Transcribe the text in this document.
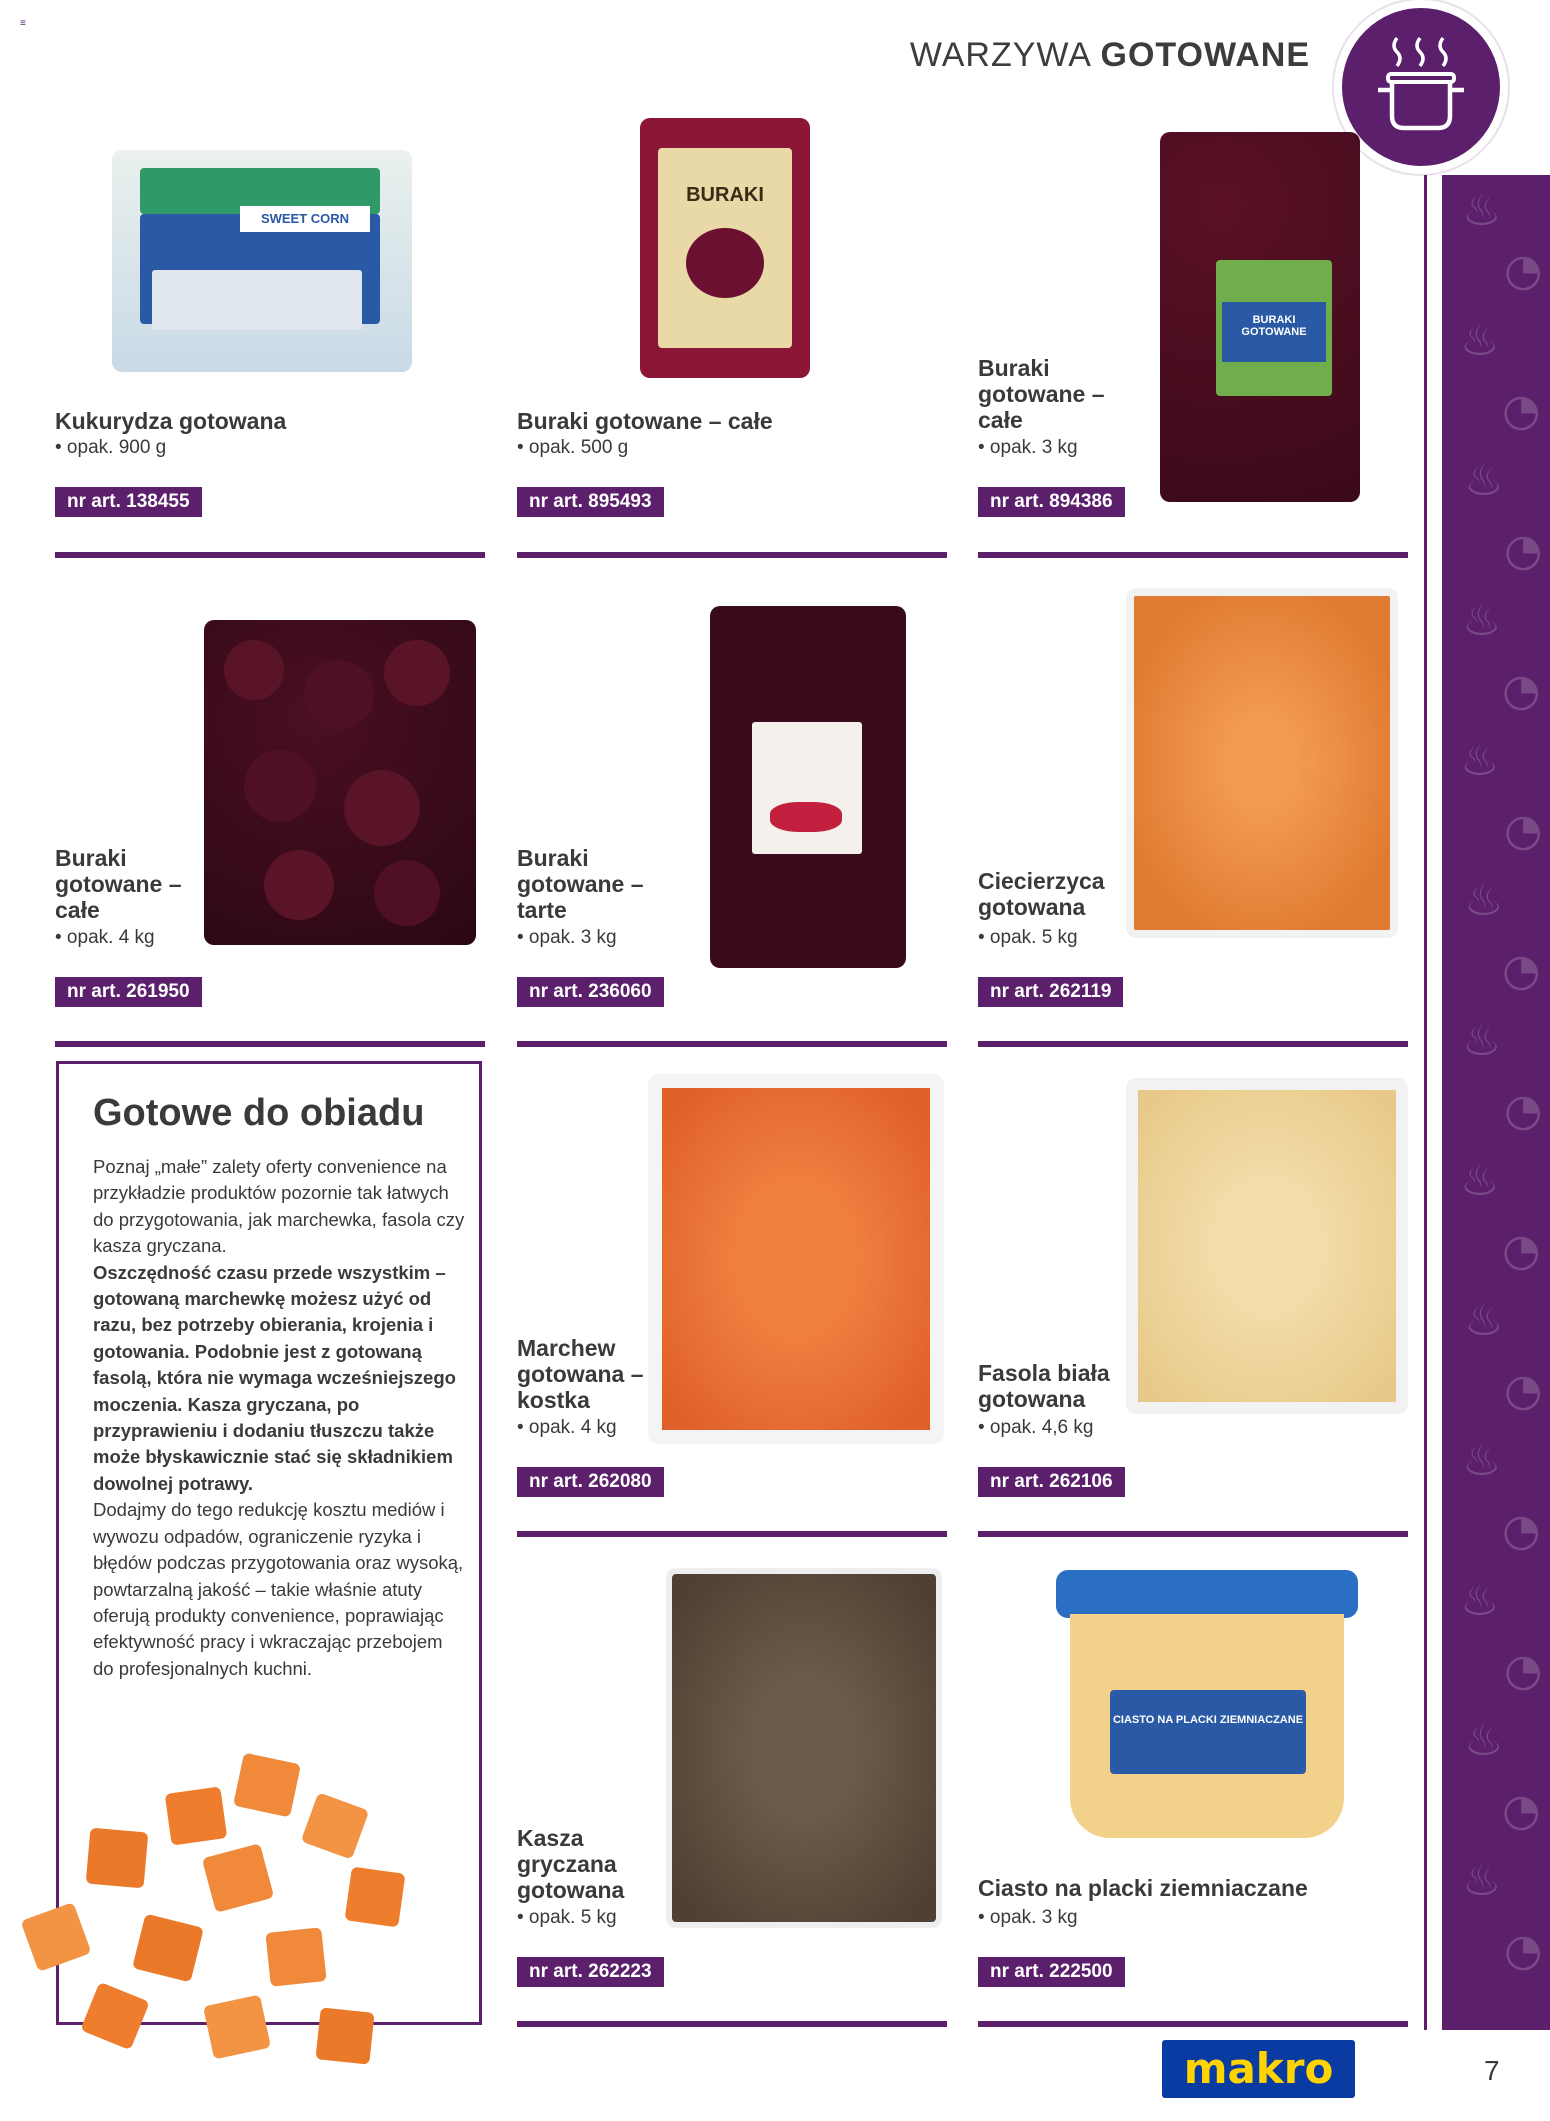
≡
WARZYWA GOTOWANE
♨
◔
♨
◔
♨
◔
♨
◔
♨
◔
♨
◔
♨
◔
♨
◔
♨
◔
♨
◔
♨
◔
♨
◔
♨
◔
SWEET CORN
Kukurydza gotowana
• opak. 900 g
nr art. 138455
BURAKI
Buraki gotowane – całe
• opak. 500 g
nr art. 895493
BURAKI GOTOWANE
Buraki gotowane – całe
• opak. 3 kg
nr art. 894386
Buraki gotowane – całe
• opak. 4 kg
nr art. 261950
Buraki gotowane – tarte
• opak. 3 kg
nr art. 236060
Ciecierzyca gotowana
• opak. 5 kg
nr art. 262119
Gotowe do obiadu

Poznaj „małe” zalety oferty convenience na przykładzie produktów pozornie tak łatwych do przygotowania, jak marchewka, fasola czy kasza gryczana.

Oszczędność czasu przede wszystkim – gotowaną marchewkę możesz użyć od razu, bez potrzeby obierania, krojenia i gotowania. Podobnie jest z gotowaną fasolą, która nie wymaga wcześniejszego moczenia. Kasza gryczana, po przyprawieniu i dodaniu tłuszczu także może błyskawicznie stać się składnikiem dowolnej potrawy.

Dodajmy do tego redukcję kosztu mediów i wywozu odpadów, ograniczenie ryzyka i błędów podczas przygotowania oraz wysoką, powtarzalną jakość – takie właśnie atuty oferują produkty convenience, poprawiając efektywność pracy i wkraczając przebojem do profesjonalnych kuchni.

Marchew gotowana – kostka
• opak. 4 kg
nr art. 262080
Fasola biała gotowana
• opak. 4,6 kg
nr art. 262106
Kasza gryczana gotowana
• opak. 5 kg
nr art. 262223
CIASTO NA PLACKI ZIEMNIACZANE
Ciasto na placki ziemniaczane
• opak. 3 kg
nr art. 222500
makro	7
